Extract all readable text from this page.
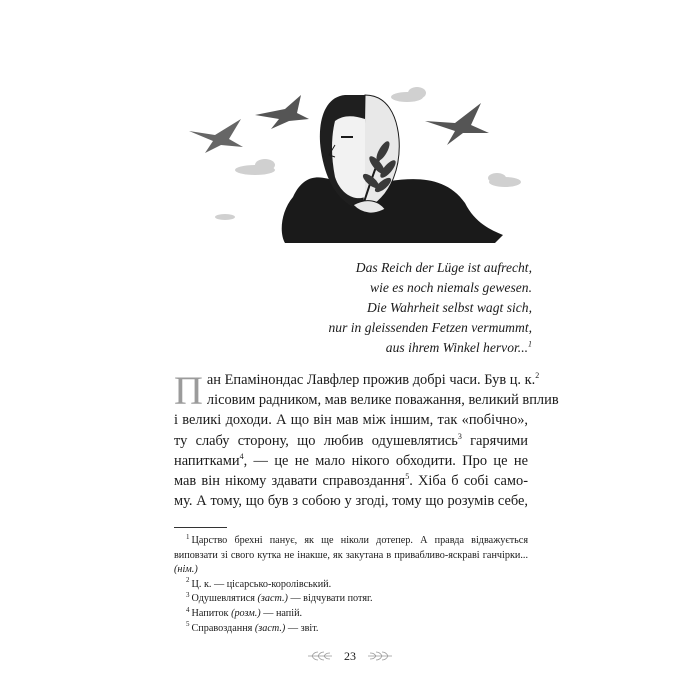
Das Reich der Lüge ist aufrecht,
wie es noch niemals gewesen.
Die Wahrheit selbst wagt sich,
nur in gleissenden Fetzen vermummt,
aus ihrem Winkel hervor...$^1$
П ан Епамінондас Лавфлер прожив добрі часи. Був ц. к.$^2$
лісовим радником, мав велике поважання, великий вплив
і великі доходи. А що він мав між іншим, так «побічно»,
ту слабу сторону, що любив одушевлятись$^3$ гарячими
напитками$^4$, — це не мало нікого обходити. Про це не
мав він нікому здавати справоздання$^5$. Хіба б собі само-
му. А тому, що був з собою у згоді, тому що розумів себе,
$^1$ Царство брехні панує, як ще ніколи дотепер. А правда відважується виповзати зі свого кутка не інакше, як закутана в привабливо-яскраві ганчірки... (нім.)
$^2$ Ц. к. — цісарсько-королівський.
$^3$ Одушевлятися (заст.) — відчувати потяг.
$^4$ Напиток (розм.) — напій.
$^5$ Справоздання (заст.) — звіт.
23
